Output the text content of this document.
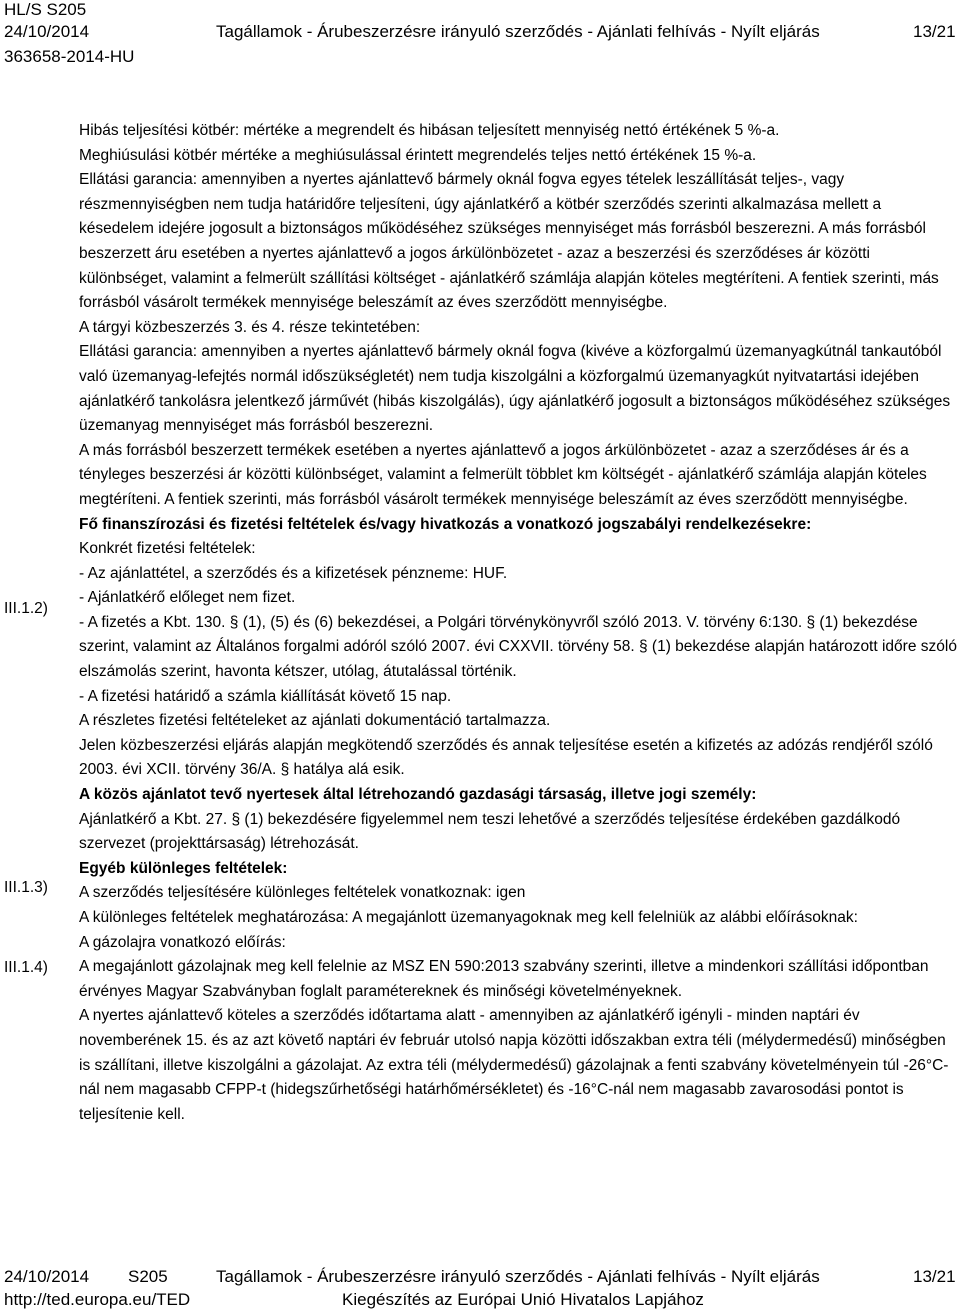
HL/S S205
24/10/2014	Tagállamok - Árubeszerzésre irányuló szerződés - Ajánlati felhívás - Nyílt eljárás	13/21
363658-2014-HU
III.1.2)
III.1.3)
III.1.4)

Hibás teljesítési kötbér: mértéke a megrendelt és hibásan teljesített mennyiség nettó értékének 5 %-a.

Meghiúsulási kötbér mértéke a meghiúsulással érintett megrendelés teljes nettó értékének 15 %-a.

Ellátási garancia: amennyiben a nyertes ajánlattevő bármely oknál fogva egyes tételek leszállítását teljes-, vagy részmennyiségben nem tudja határidőre teljesíteni, úgy ajánlatkérő a kötbér szerződés szerinti alkalmazása mellett a késedelem idejére jogosult a biztonságos működéséhez szükséges mennyiséget más forrásból beszerezni. A más forrásból beszerzett áru esetében a nyertes ajánlattevő a jogos árkülönbözetet - azaz a beszerzési és szerződéses ár közötti különbséget, valamint a felmerült szállítási költséget - ajánlatkérő számlája alapján köteles megtéríteni. A fentiek szerinti, más forrásból vásárolt termékek mennyisége beleszámít az éves szerződött mennyiségbe.

A tárgyi közbeszerzés 3. és 4. része tekintetében:

Ellátási garancia: amennyiben a nyertes ajánlattevő bármely oknál fogva (kivéve a közforgalmú üzemanyagkútnál tankautóból való üzemanyag-lefejtés normál időszükségletét) nem tudja kiszolgálni a közforgalmú üzemanyagkút nyitvatartási idejében ajánlatkérő tankolásra jelentkező járművét (hibás kiszolgálás), úgy ajánlatkérő jogosult a biztonságos működéséhez szükséges üzemanyag mennyiséget más forrásból beszerezni.

A más forrásból beszerzett termékek esetében a nyertes ajánlattevő a jogos árkülönbözetet - azaz a szerződéses ár és a tényleges beszerzési ár közötti különbséget, valamint a felmerült többlet km költségét - ajánlatkérő számlája alapján köteles megtéríteni. A fentiek szerinti, más forrásból vásárolt termékek mennyisége beleszámít az éves szerződött mennyiségbe.

Fő finanszírozási és fizetési feltételek és/vagy hivatkozás a vonatkozó jogszabályi rendelkezésekre:

Konkrét fizetési feltételek:

- Az ajánlattétel, a szerződés és a kifizetések pénzneme: HUF.

- Ajánlatkérő előleget nem fizet.

- A fizetés a Kbt. 130. § (1), (5) és (6) bekezdései, a Polgári törvénykönyvről szóló 2013. V. törvény 6:130. § (1) bekezdése szerint, valamint az Általános forgalmi adóról szóló 2007. évi CXXVII. törvény 58. § (1) bekezdése alapján határozott időre szóló elszámolás szerint, havonta kétszer, utólag, átutalással történik.

- A fizetési határidő a számla kiállítását követő 15 nap.

A részletes fizetési feltételeket az ajánlati dokumentáció tartalmazza.

Jelen közbeszerzési eljárás alapján megkötendő szerződés és annak teljesítése esetén a kifizetés az adózás rendjéről szóló 2003. évi XCII. törvény 36/A. § hatálya alá esik.

A közös ajánlatot tevő nyertesek által létrehozandó gazdasági társaság, illetve jogi személy:

Ajánlatkérő a Kbt. 27. § (1) bekezdésére figyelemmel nem teszi lehetővé a szerződés teljesítése érdekében gazdálkodó szervezet (projekttársaság) létrehozását.

Egyéb különleges feltételek:

A szerződés teljesítésére különleges feltételek vonatkoznak: igen

A különleges feltételek meghatározása: A megajánlott üzemanyagoknak meg kell felelniük az alábbi előírásoknak:

A gázolajra vonatkozó előírás:

A megajánlott gázolajnak meg kell felelnie az MSZ EN 590:2013 szabvány szerinti, illetve a mindenkori szállítási időpontban érvényes Magyar Szabványban foglalt paramétereknek és minőségi követelményeknek.

A nyertes ajánlattevő köteles a szerződés időtartama alatt - amennyiben az ajánlatkérő igényli - minden naptári év novemberének 15. és az azt követő naptári év február utolsó napja közötti időszakban extra téli (mélydermedésű) minőségben is szállítani, illetve kiszolgálni a gázolajat. Az extra téli (mélydermedésű) gázolajnak a fenti szabvány követelményein túl -26°C-nál nem magasabb CFPP-t (hidegszűrhetőségi határhőmérsékletet) és -16°C-nál nem magasabb zavarosodási pontot is teljesítenie kell.

24/10/2014 S205	Tagállamok - Árubeszerzésre irányuló szerződés - Ajánlati felhívás - Nyílt eljárás	13/21
http://ted.europa.eu/TED	Kiegészítés az Európai Unió Hivatalos Lapjához
